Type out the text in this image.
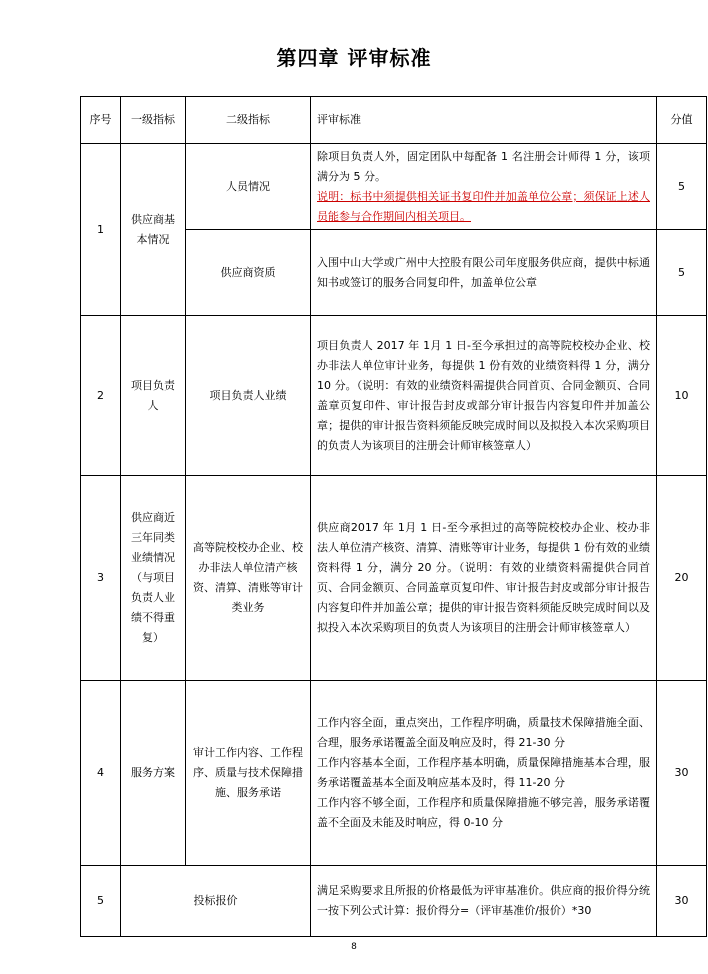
第四章 评审标准
序号	一级指标	二级指标	评审标准	分值
1	供应商基本情况	人员情况	除项目负责人外，固定团队中每配备 1 名注册会计师得 1 分，该项满分为 5 分。
说明：标书中须提供相关证书复印件并加盖单位公章；须保证上述人员能参与合作期间内相关项目。	5
		供应商资质	入围中山大学或广州中大控股有限公司年度服务供应商，提供中标通知书或签订的服务合同复印件，加盖单位公章	5
2	项目负责人	项目负责人业绩	项目负责人 2017 年 1月 1 日-至今承担过的高等院校校办企业、校办非法人单位审计业务，每提供 1 份有效的业绩资料得 1 分，满分 10 分。（说明：有效的业绩资料需提供合同首页、合同金额页、合同盖章页复印件、审计报告封皮或部分审计报告内容复印件并加盖公章；提供的审计报告资料须能反映完成时间以及拟投入本次采购项目的负责人为该项目的注册会计师审核签章人）	10
3	供应商近三年同类业绩情况（与项目负责人业绩不得重复）	高等院校校办企业、校办非法人单位清产核资、清算、清账等审计类业务	供应商2017 年 1月 1 日-至今承担过的高等院校校办企业、校办非法人单位清产核资、清算、清账等审计业务，每提供 1 份有效的业绩资料得 1 分，满分 20 分。（说明：有效的业绩资料需提供合同首页、合同金额页、合同盖章页复印件、审计报告封皮或部分审计报告内容复印件并加盖公章；提供的审计报告资料须能反映完成时间以及拟投入本次采购项目的负责人为该项目的注册会计师审核签章人）	20
4	服务方案	审计工作内容、工作程序、质量与技术保障措施、服务承诺	工作内容全面，重点突出，工作程序明确，质量技术保障措施全面、合理，服务承诺覆盖全面及响应及时，得 21-30 分
工作内容基本全面，工作程序基本明确，质量保障措施基本合理，服务承诺覆盖基本全面及响应基本及时，得 11-20 分
工作内容不够全面，工作程序和质量保障措施不够完善，服务承诺覆盖不全面及未能及时响应，得 0-10 分	30
5	投标报价		满足采购要求且所报的价格最低为评审基准价。供应商的报价得分统一按下列公式计算：报价得分=（评审基准价/报价）*30	30
8
